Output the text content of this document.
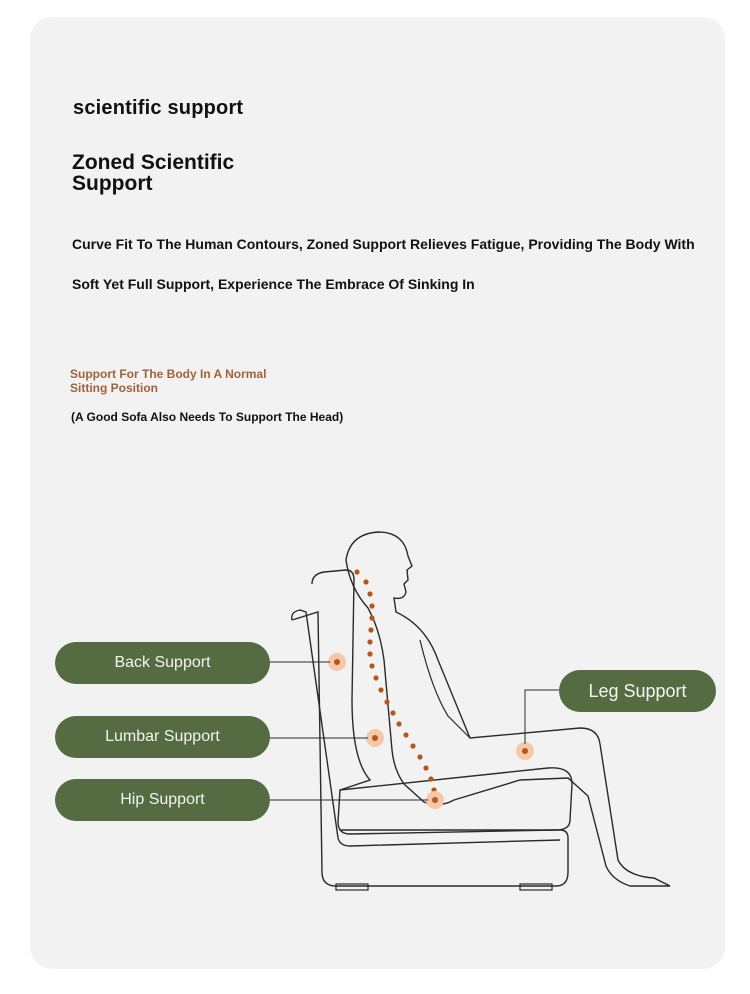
scientific support
Zoned Scientific Support
Curve Fit To The Human Contours, Zoned Support Relieves Fatigue, Providing The Body With Soft Yet Full Support, Experience The Embrace Of Sinking In
Support For The Body In A Normal Sitting Position
(A Good Sofa Also Needs To Support The Head)
Back Support
Lumbar Support
Hip Support
Leg Support
